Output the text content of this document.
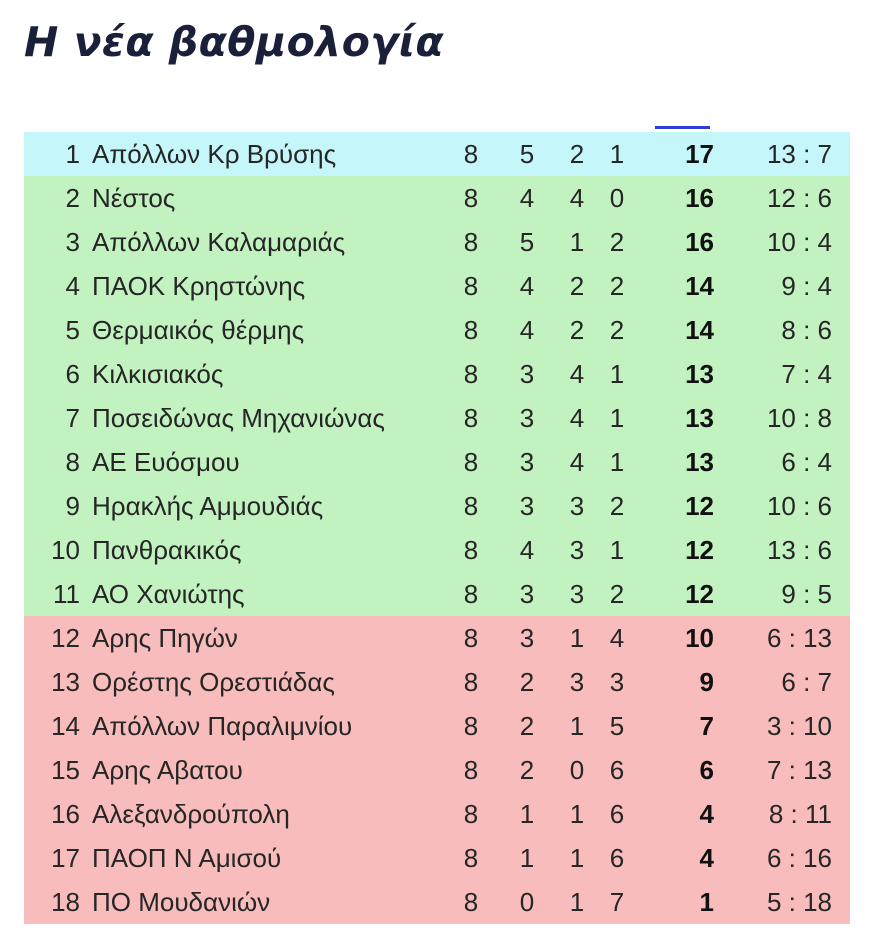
Η νέα βαθμολογία
1 Απόλλων Κρ Βρύσης	8 5 2 1	17	13 : 7
2 Νέστος	8 4 4 0	16	12 : 6
3 Απόλλων Καλαμαριάς	8 5 1 2	16	10 : 4
4 ΠΑΟΚ Κρηστώνης	8 4 2 2	14	9 : 4
5 Θερμαικός θέρμης	8 4 2 2	14	8 : 6
6 Κιλκισιακός	8 3 4 1	13	7 : 4
7 Ποσειδώνας Μηχανιώνας	8 3 4 1	13	10 : 8
8 ΑΕ Ευόσμου	8 3 4 1	13	6 : 4
9 Ηρακλής Αμμουδιάς	8 3 3 2	12	10 : 6
10 Πανθρακικός	8 4 3 1	12	13 : 6
11 ΑΟ Χανιώτης	8 3 3 2	12	9 : 5
12 Αρης Πηγών	8 3 1 4	10	6 : 13
13 Ορέστης Ορεστιάδας	8 2 3 3	9	6 : 7
14 Απόλλων Παραλιμνίου	8 2 1 5	7	3 : 10
15 Αρης Αβατου	8 2 0 6	6	7 : 13
16 Αλεξανδρούπολη	8 1 1 6	4	8 : 11
17 ΠΑΟΠ Ν Αμισού	8 1 1 6	4	6 : 16
18 ΠΟ Μουδανιών	8 0 1 7	1	5 : 18
